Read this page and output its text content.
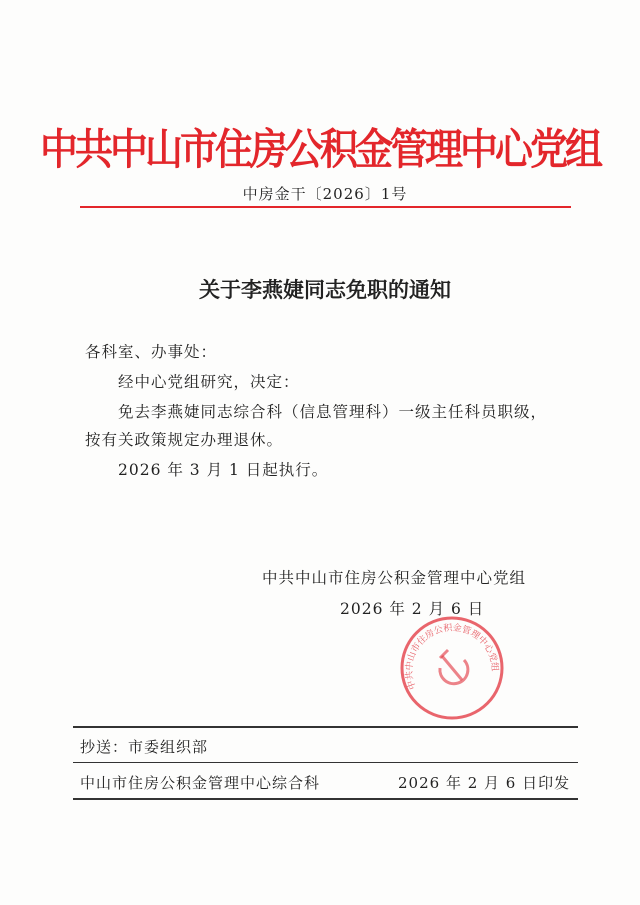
中共中山市住房公积金管理中心党组
中房金干〔2026〕1号
关于李燕婕同志免职的通知
各科室、办事处：
经中心党组研究，决定：
免去李燕婕同志综合科（信息管理科）一级主任科员职级，
按有关政策规定办理退休。
2026 年 3 月 1 日起执行。
中共中山市住房公积金管理中心党组
2026 年 2 月 6 日
中共中山市住房公积金管理中心党组
抄送：市委组织部
中山市住房公积金管理中心综合科	2026 年 2 月 6 日印发
